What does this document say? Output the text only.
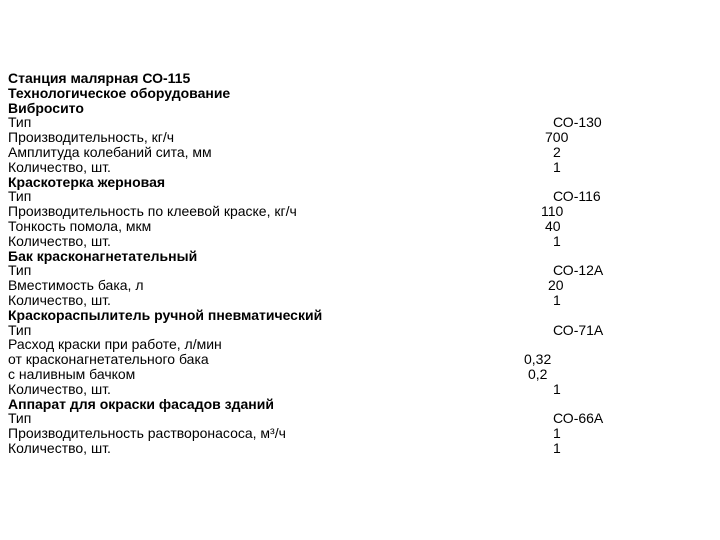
Станция малярная СО-115
Технологическое оборудование
Вибросито
Тип	СО-130
Производительность, кг/ч	700
Амплитуда колебаний сита, мм	2
Количество, шт.	1
Краскотерка жерновая
Тип	СО-116
Производительность по клеевой краске, кг/ч	110
Тонкость помола, мкм	40
Количество, шт.	1
Бак красконагнетательный
Тип	СО-12А
Вместимость бака, л	20
Количество, шт.	1
Краскораспылитель ручной пневматический
Тип	СО-71А
Расход краски при работе, л/мин
от красконагнетательного бака	0,32
с наливным бачком	0,2
Количество, шт.	1
Аппарат для окраски фасадов зданий
Тип	СО-66А
Производительность растворонасоса, м³/ч	1
Количество, шт.	1
